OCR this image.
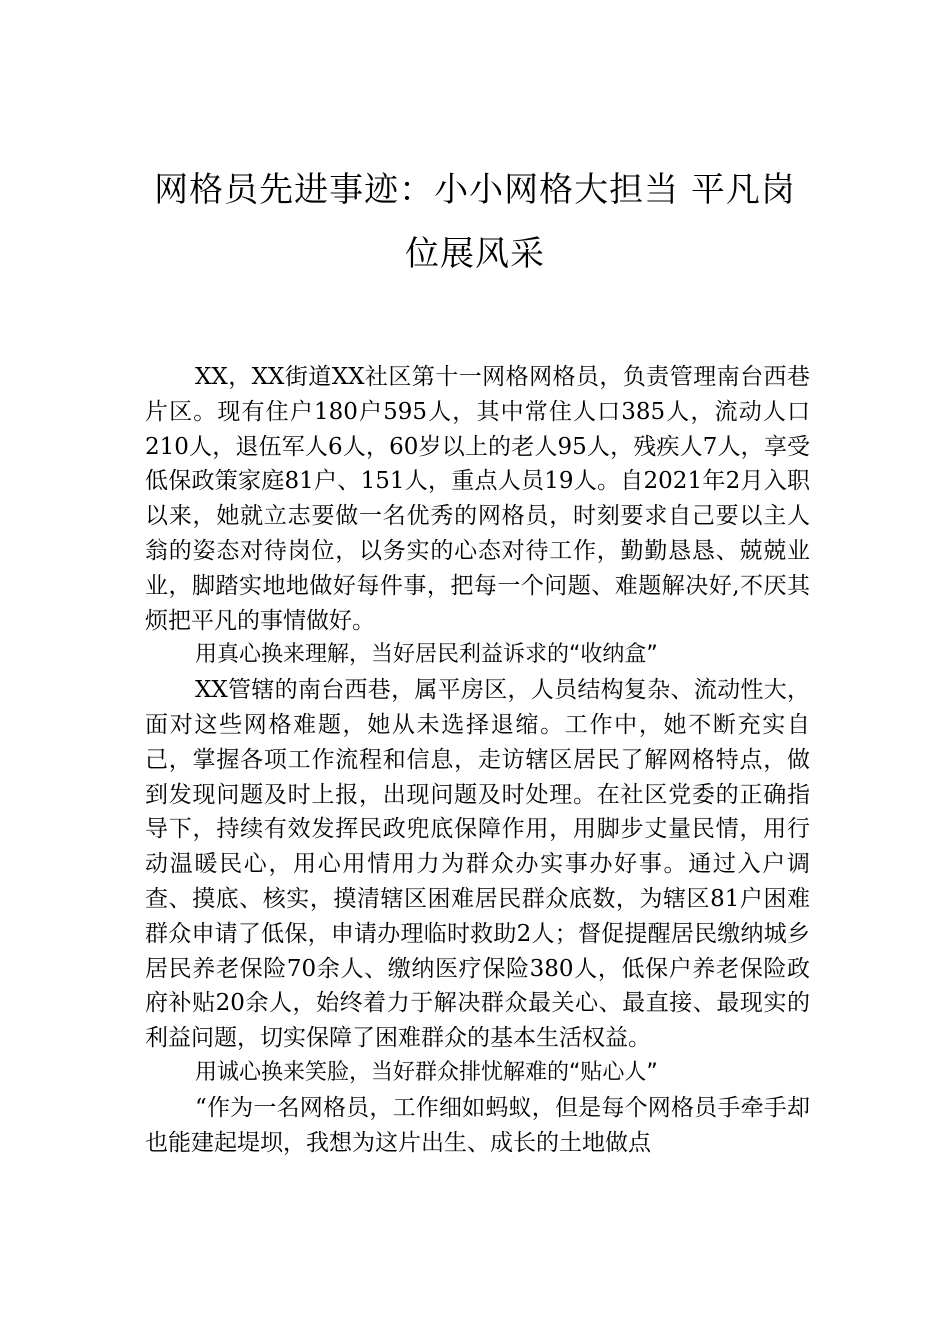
网格员先进事迹：小小网格大担当 平凡岗
位展风采

XX，XX街道XX社区第十一网格网格员，负责管理南台西巷片区。现有住户180户595人，其中常住人口385人，流动人口210人，退伍军人6人，60岁以上的老人95人，残疾人7人，享受低保政策家庭81户、151人，重点人员19人。自2021年2月入职以来，她就立志要做一名优秀的网格员，时刻要求自己要以主人翁的姿态对待岗位，以务实的心态对待工作，勤勤恳恳、兢兢业业，脚踏实地地做好每件事，把每一个问题、难题解决好,不厌其烦把平凡的事情做好。

用真心换来理解，当好居民利益诉求的“收纳盒”

XX管辖的南台西巷，属平房区，人员结构复杂、流动性大，面对这些网格难题，她从未选择退缩。工作中，她不断充实自己，掌握各项工作流程和信息，走访辖区居民了解网格特点，做到发现问题及时上报，出现问题及时处理。在社区党委的正确指导下，持续有效发挥民政兜底保障作用，用脚步丈量民情，用行动温暖民心，用心用情用力为群众办实事办好事。通过入户调查、摸底、核实，摸清辖区困难居民群众底数，为辖区81户困难群众申请了低保，申请办理临时救助2人；督促提醒居民缴纳城乡居民养老保险70余人、缴纳医疗保险380人，低保户养老保险政府补贴20余人，始终着力于解决群众最关心、最直接、最现实的利益问题，切实保障了困难群众的基本生活权益。

用诚心换来笑脸，当好群众排忧解难的“贴心人”

“作为一名网格员，工作细如蚂蚁，但是每个网格员手牵手却也能建起堤坝，我想为这片出生、成长的土地做点
